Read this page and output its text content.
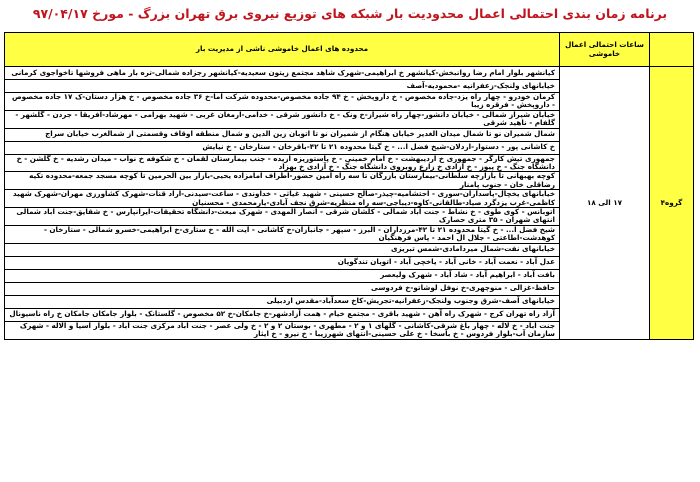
برنامه زمان بندی احتمالی اعمال محدودیت بار شبکه های توزیع نیروی برق تهران بزرگ - مورخ ۹۷/۰۴/۱۷
	ساعات احتمالی اعمال خاموشی	محدوده های اعمال خاموشی ناشی از مدیریت بار
گروه۴	۱۷ الی ۱۸	کیانشهر بلوار امام رضا روانبخش-کیانشهر خ ابراهیمی-شهرک شاهد مجتمع زیتون سعیدیه-کیانشهر رجزاده شمالی-تره بار ماهی فروشها تاخواجوی کرمانی
		خیابانهای ولنجک-زعفرانیه -محمودیه-آصف
		کرمان خودرو - چهار راه یزد-جاده مخصوص - خ داروپخش - خ ۹۴ جاده مخصوص-محدوده شرکت آما-خ ۳۶ جاده مخصوص - خ هزار دستان-ک ۱۷ جاده مخصوص - داروپخش - فرقره زیبا
		خیابان شیراز شمالی - خیابان دانشور-چهار راه شیراز-خ ونک - خ دانشور شرقی - خدامی-ارمغان غربی - شهید بهرامی - مهرشاد-آفریقا - جردن - گلشهر - گلفام - ناهید شرقی
		شمال شمیران نو تا شمال میدان الغدیر خیابان هنگام از شمیران نو تا اتوبان زین الدین و شمال منطقه اوقاف وقسمتی از شمالغرب خیابان سراج
		خ کاشانی پور - دستوار-اردلان-شیخ فضل ا... - خ گیتا محدوده ۲۱ تا ۴۲-باقرخان - ستارخان - خ نیایش
		جمهوری تیش کارگر - جمهوری خ اردیبهشت - خ امام خمینی - خ پاستوریزه آزیده - جنب بیمارستان لقمان - خ شکوفه خ نواب - میدان رشدیه - خ گلشن - خ دانشگاه جنگ - خ پیوز - خ آزادی خ زارع روبروی دانشگاه جنگ - خ آزادی خ بهزاد
		کوچه بهبهانی تا بازارچه سلطانی-بیمارستان بازرگان تا سه راه امین حضور-اطراف امامزاده یحیی-بازار بین الحرمین تا کوچه مسجد جمعه-محدوده تکیه رضاقلی خان - جنوب پامنار
		خیابانهای یخچال-پاسداران-سوری - احتشامیه-چیذر-صالح حسینی - شهید غیاثی - خداوندی - ساعت-سیدنی-اراد قنات-شهرک کشاورزی مهران-شهرک شهید کاظمی-غرب یزدگرد صیاد-طالقانی-کاوه-دیباجی-سه راه منظریه-شرق نجف آبادی-یارمحمدی - محسنیان
		اتوبانس - کوی طوی - خ نشاط - جنت آباد شمالی - کلشان شرقی - انصار المهدی - شهرک مبعث-دانشگاه تحقیقات-ایرانپارس - خ شقایق-جنت آباد شمالی انتهای شهران - ۳۵ متری حصارک
		شیخ فضل ا... - خ گیتا محدوده ۲۱ تا ۴۲-مرزداران - البرز - سپهر - جانبازان-خ کاشانی - آیت الله - خ ستاری-خ ابراهیمی-خسرو شمالی - ستارخان - کوهدشت-اطاعتی - جلال ال احمد - پاس فرهنگیان
		خیابانهای نفت-شمال میردامادی-شمس تبریزی
		عدل آباد - نعمت آباد - خانی آباد - یاخچی آباد - اتوبان تندگویان
		بافت آباد - ابراهیم آباد - شاد آباد - شهرک ولیعصر
		حافظ-غزالی - منوچهری-خ نوفل لوشاتو-خ فردوسی
		خیابانهای آصف-شرق وجنوب ولنجک-زعفرانیه-تجریش-کاخ سعدآباد-مقدس اردبیلی
		آزاد راه تهران کرج - شهرک راه آهن - شهید باقری - مجتمع خیام - همت آزادشهر-خ جامکان-خ ۵۲ مخصوص - گلستانک - بلوار جامکان جامکان خ راه ناسیونال
		جنت آباد - خ لاله - چهار باغ شرقی-کاشانی - گلهای ۱ و ۲ - مطهری - بوستان ۲ و ۲ - خ ولی عصر - جنت آباد مرکزی جنت آباد - بلوار آسیا و آلاله - شهرک سازمان آب-بلوار فردوس - خ باسخا - خ علی حسینی-انتهای شهرزیبا - خ نیرو - خ ایثار
